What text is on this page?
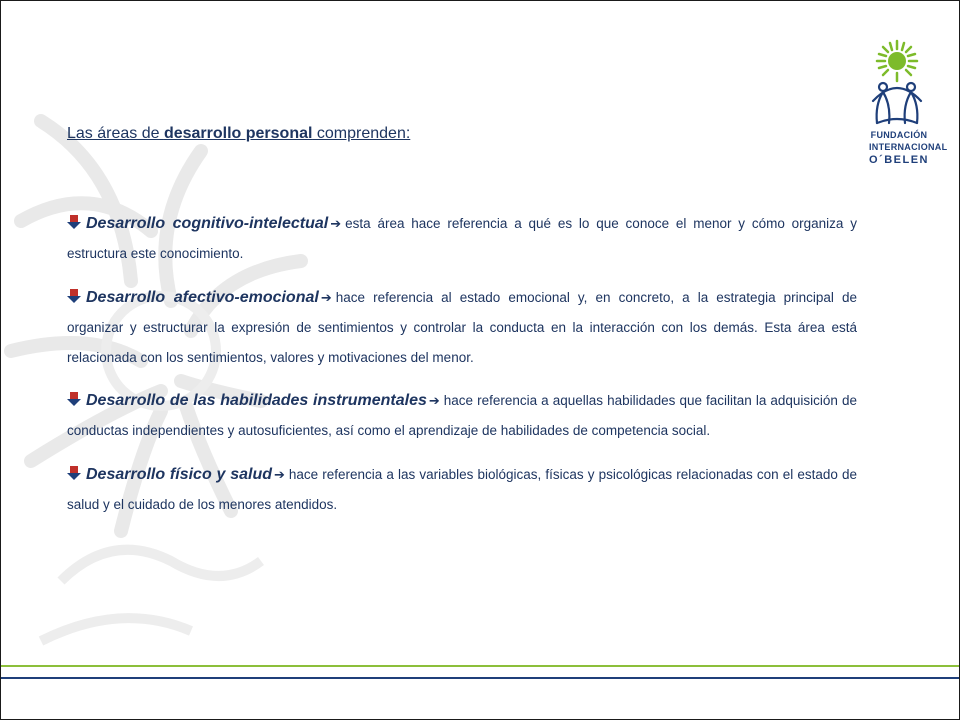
Las áreas de desarrollo personal comprenden:	FUNDACIÓN
INTERNACIONAL
O´BELEN

Desarrollo cognitivo-intelectual ➔ esta área hace referencia a qué es lo que conoce el menor y cómo organiza y estructura este conocimiento.

Desarrollo afectivo-emocional ➔ hace referencia al estado emocional y, en concreto, a la estrategia principal de organizar y estructurar la expresión de sentimientos y controlar la conducta en la interacción con los demás. Esta área está relacionada con los sentimientos, valores y motivaciones del menor.

Desarrollo de las habilidades instrumentales ➔ hace referencia a aquellas habilidades que facilitan la adquisición de conductas independientes y autosuficientes, así como el aprendizaje de habilidades de competencia social.

Desarrollo físico y salud ➔ hace referencia a las variables biológicas, físicas y psicológicas relacionadas con el estado de salud y el cuidado de los menores atendidos.
